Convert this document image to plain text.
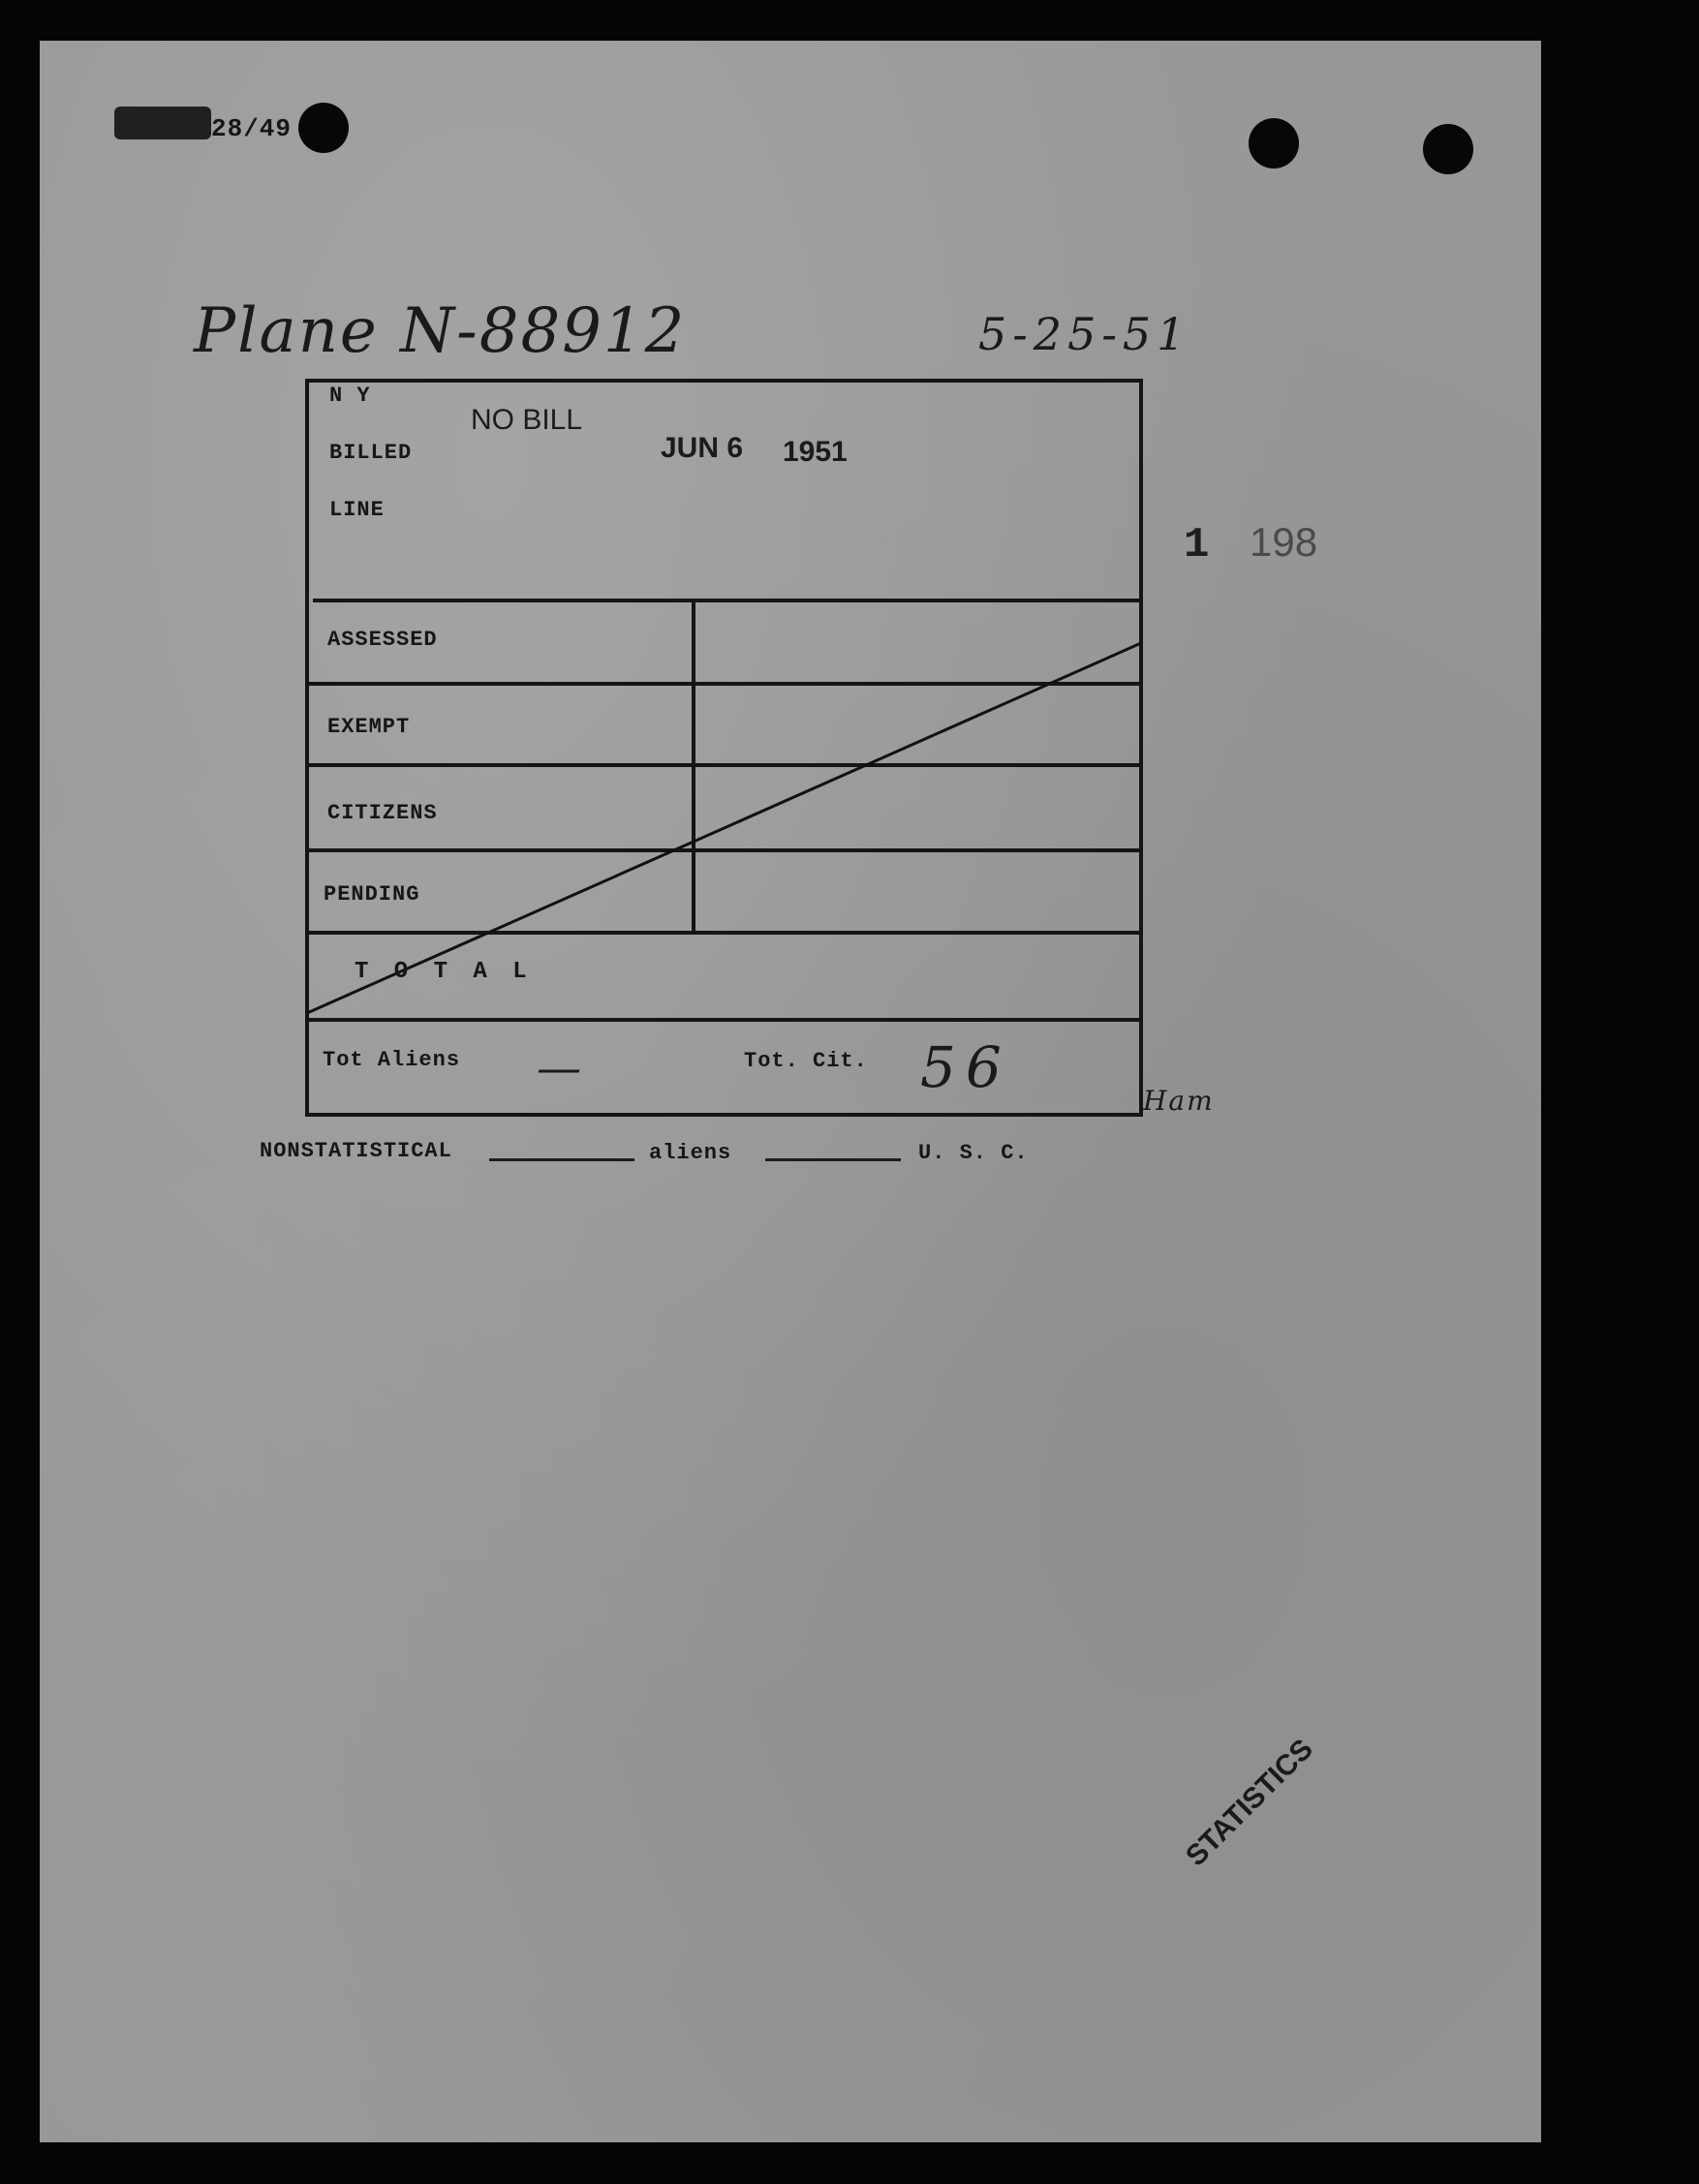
28/49
Plane N-88912	5-25-51
N Y
BILLED
LINE
NO BILL
JUN 6 1951
1 198
ASSESSED
EXEMPT
CITIZENS
PENDING
T O T A L
Tot Aliens —	Tot. Cit. 56
Ham
NONSTATISTICAL	aliens	U. S. C.
STATISTICS
